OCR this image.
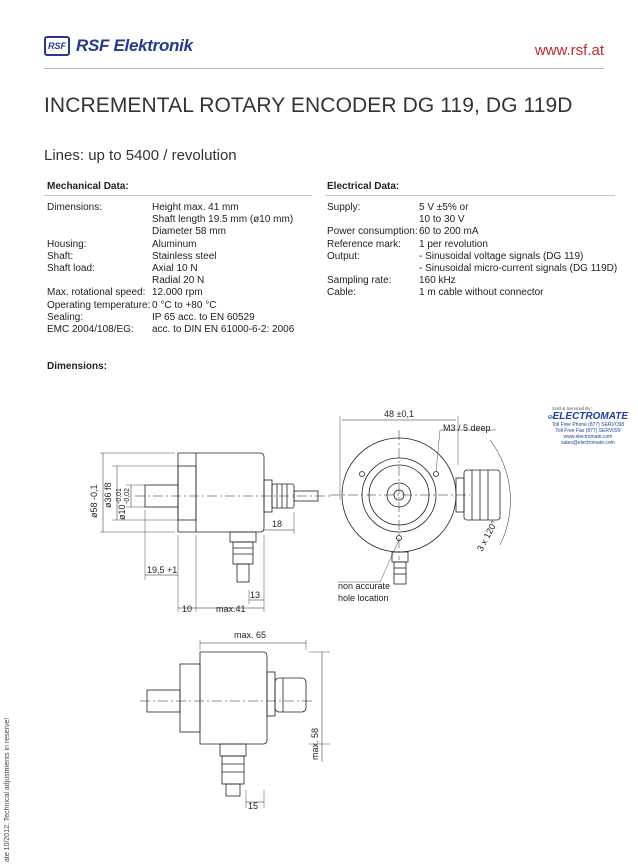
RSF RSF Elektronik	www.rsf.at
INCREMENTAL ROTARY ENCODER DG 119, DG 119D
Lines: up to 5400 / revolution
Mechanical Data:
Dimensions:	Height max. 41 mm
Shaft length 19.5 mm (ø10 mm)
Diameter 58 mm
Housing:	Aluminum
Shaft:	Stainless steel
Shaft load:	Axial 10 N
Radial 20 N
Max. rotational speed: 12.000 rpm
Operating temperature: 0 °C to +80 °C
Sealing:	IP 65 acc. to EN 60529
EMC 2004/108/EG:	acc. to DIN EN 61000-6-2: 2006
Electrical Data:
Supply:	5 V ±5% or
10 to 30 V
Power consumption: 60 to 200 mA
Reference mark:	1 per revolution
Output:	- Sinusoidal voltage signals (DG 119)
- Sinusoidal micro-current signals (DG 119D)
Sampling rate:	160 kHz
Cable:	1 m cable without connector
Dimensions:
Sold & Serviced By:
ELECTROMATE
Toll Free Phone (877) SERVO98
Toll Free Fax (877) SERV099
www.electromate.com
sales@electromate.com
ø58 -0,1 ø36 f8
ø10
-0,01 -0,02
18
19,5 +1
13
10	max.41
48 ±0,1
M3 / 5 deep
3 x 120°
non accurate
hole location
max. 65
max. 58
15
ate 10/2012, Technical adjustments in reserve!
